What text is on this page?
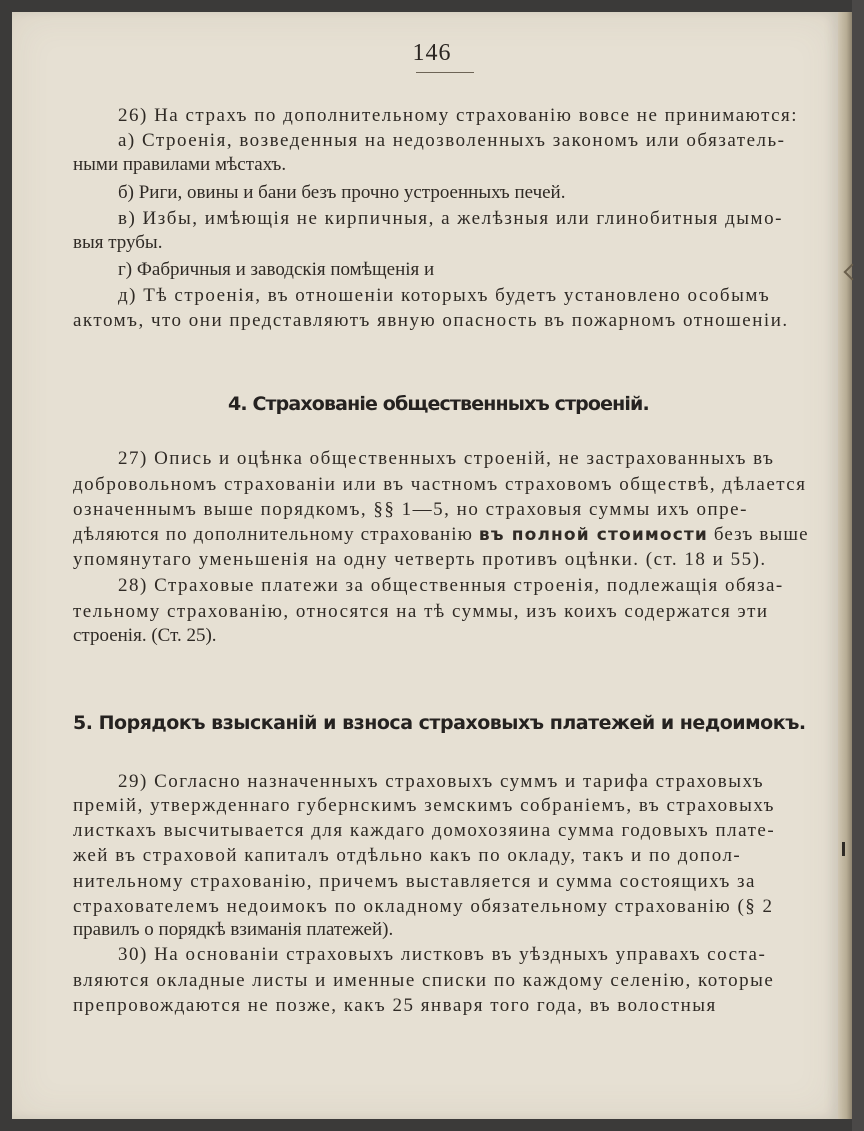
146
26) На страхъ по дополнительному страхованію вовсе не принимаются:
а) Строенія, возведенныя на недозволенныхъ закономъ или обязатель-
ными правилами мѣстахъ.
б) Риги, овины и бани безъ прочно устроенныхъ печей.
в) Избы, имѣющія не кирпичныя, а желѣзныя или глинобитныя дымо-
выя трубы.
г) Фабричныя и заводскія помѣщенія и
д) Тѣ строенія, въ отношеніи которыхъ будетъ установлено особымъ
актомъ, что они представляютъ явную опасность въ пожарномъ отношеніи.
4. Страхованіе общественныхъ строеній.
27) Опись и оцѣнка общественныхъ строеній, не застрахованныхъ въ
добровольномъ страхованіи или въ частномъ страховомъ обществѣ, дѣлается
означеннымъ выше порядкомъ, §§ 1—5, но страховыя суммы ихъ опре-
дѣляются по дополнительному страхованію въ полной стоимости безъ выше
упомянутаго уменьшенія на одну четверть противъ оцѣнки. (ст. 18 и 55).
28) Страховые платежи за общественныя строенія, подлежащія обяза-
тельному страхованію, относятся на тѣ суммы, изъ коихъ содержатся эти
строенія. (Ст. 25).
5. Порядокъ взысканій и взноса страховыхъ платежей и недоимокъ.
29) Согласно назначенныхъ страховыхъ суммъ и тарифа страховыхъ
премій, утвержденнаго губернскимъ земскимъ собраніемъ, въ страховыхъ
листкахъ высчитывается для каждаго домохозяина сумма годовыхъ плате-
жей въ страховой капиталъ отдѣльно какъ по окладу, такъ и по допол-
нительному страхованію, причемъ выставляется и сумма состоящихъ за
страхователемъ недоимокъ по окладному обязательному страхованію (§ 2
правилъ о порядкѣ взиманія платежей).
30) На основаніи страховыхъ листковъ въ уѣздныхъ управахъ соста-
вляются окладные листы и именные списки по каждому селенію, которые
препровождаются не позже, какъ 25 января того года, въ волостныя
